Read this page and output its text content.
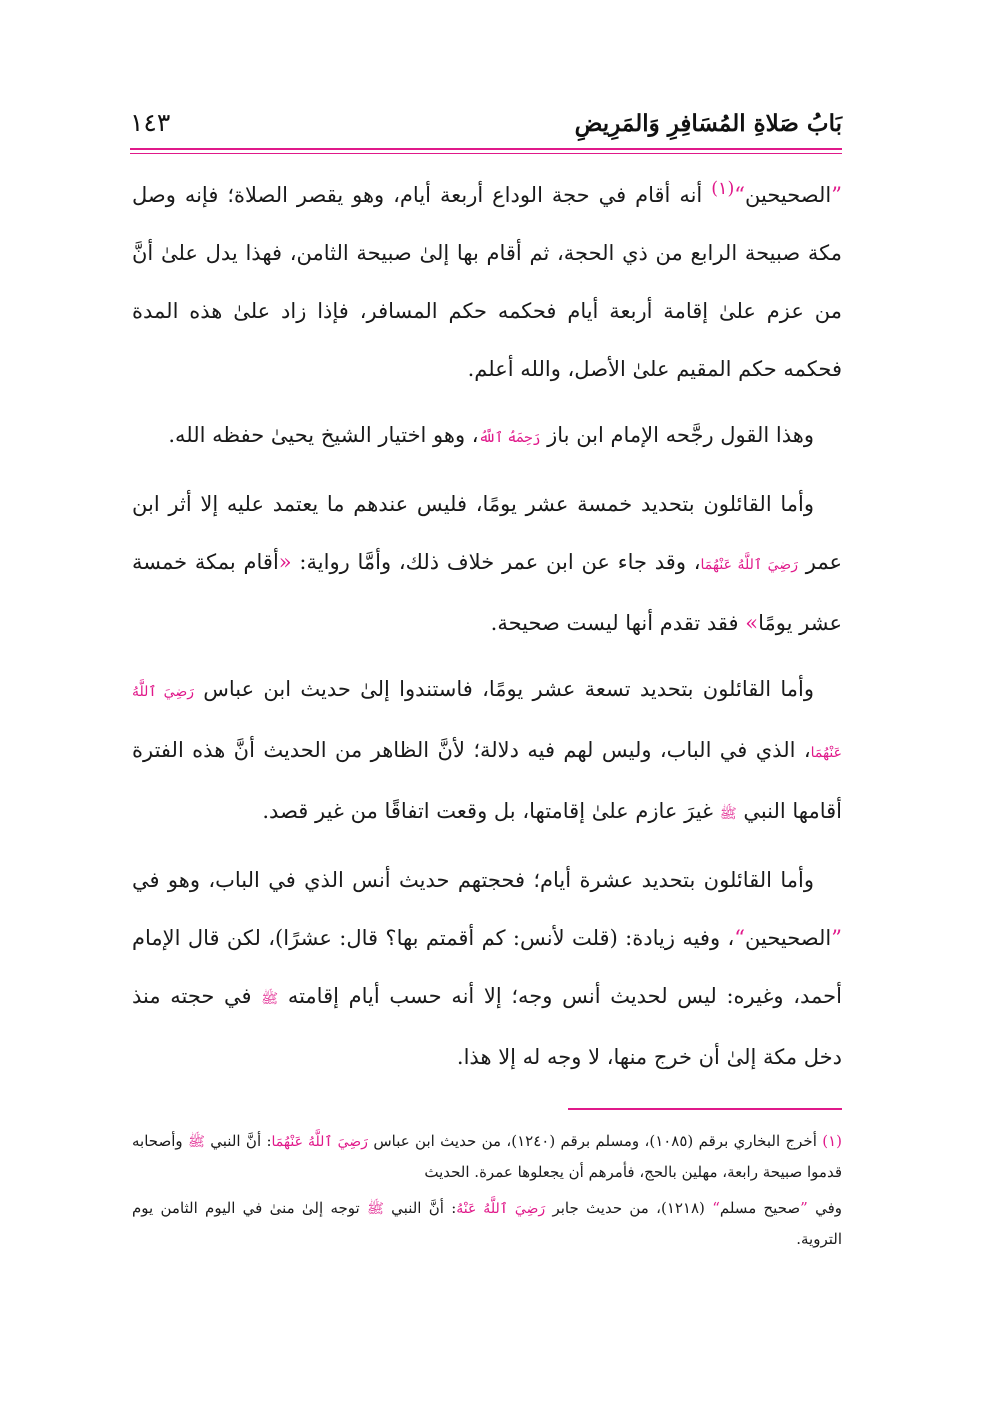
بَابُ صَلاةِ المُسَافِرِ وَالمَرِيضِ
١٤٣

”الصحيحين“$^{(١)}$ أنه أقام في حجة الوداع أربعة أيام، وهو يقصر الصلاة؛ فإنه وصل مكة صبيحة الرابع من ذي الحجة، ثم أقام بها إلىٰ صبيحة الثامن، فهذا يدل علىٰ أنَّ من عزم علىٰ إقامة أربعة أيام فحكمه حكم المسافر، فإذا زاد علىٰ هذه المدة فحكمه حكم المقيم علىٰ الأصل، والله أعلم.

وهذا القول رجَّحه الإمام ابن باز رَحِمَهُ ٱللَّهُ، وهو اختيار الشيخ يحيىٰ حفظه الله.

وأما القائلون بتحديد خمسة عشر يومًا، فليس عندهم ما يعتمد عليه إلا أثر ابن عمر رَضِيَ ٱللَّهُ عَنْهُمَا، وقد جاء عن ابن عمر خلاف ذلك، وأمَّا رواية: «أقام بمكة خمسة عشر يومًا» فقد تقدم أنها ليست صحيحة.

وأما القائلون بتحديد تسعة عشر يومًا، فاستندوا إلىٰ حديث ابن عباس رَضِيَ ٱللَّهُ عَنْهُمَا، الذي في الباب، وليس لهم فيه دلالة؛ لأنَّ الظاهر من الحديث أنَّ هذه الفترة أقامها النبي ﷺ غيرَ عازم علىٰ إقامتها، بل وقعت اتفاقًا من غير قصد.

وأما القائلون بتحديد عشرة أيام؛ فحجتهم حديث أنس الذي في الباب، وهو في ”الصحيحين“، وفيه زيادة: (قلت لأنس: كم أقمتم بها؟ قال: عشرًا)، لكن قال الإمام أحمد، وغيره: ليس لحديث أنس وجه؛ إلا أنه حسب أيام إقامته ﷺ في حجته منذ دخل مكة إلىٰ أن خرج منها، لا وجه له إلا هذا.

(١) أخرج البخاري برقم (١٠٨٥)، ومسلم برقم (١٢٤٠)، من حديث ابن عباس رَضِيَ ٱللَّهُ عَنْهُمَا: أنَّ النبي ﷺ وأصحابه قدموا صبيحة رابعة، مهلين بالحج، فأمرهم أن يجعلوها عمرة. الحديث

وفي ”صحيح مسلم“ (١٢١٨)، من حديث جابر رَضِيَ ٱللَّهُ عَنْهُ: أنَّ النبي ﷺ توجه إلىٰ منىٰ في اليوم الثامن يوم التروية.
